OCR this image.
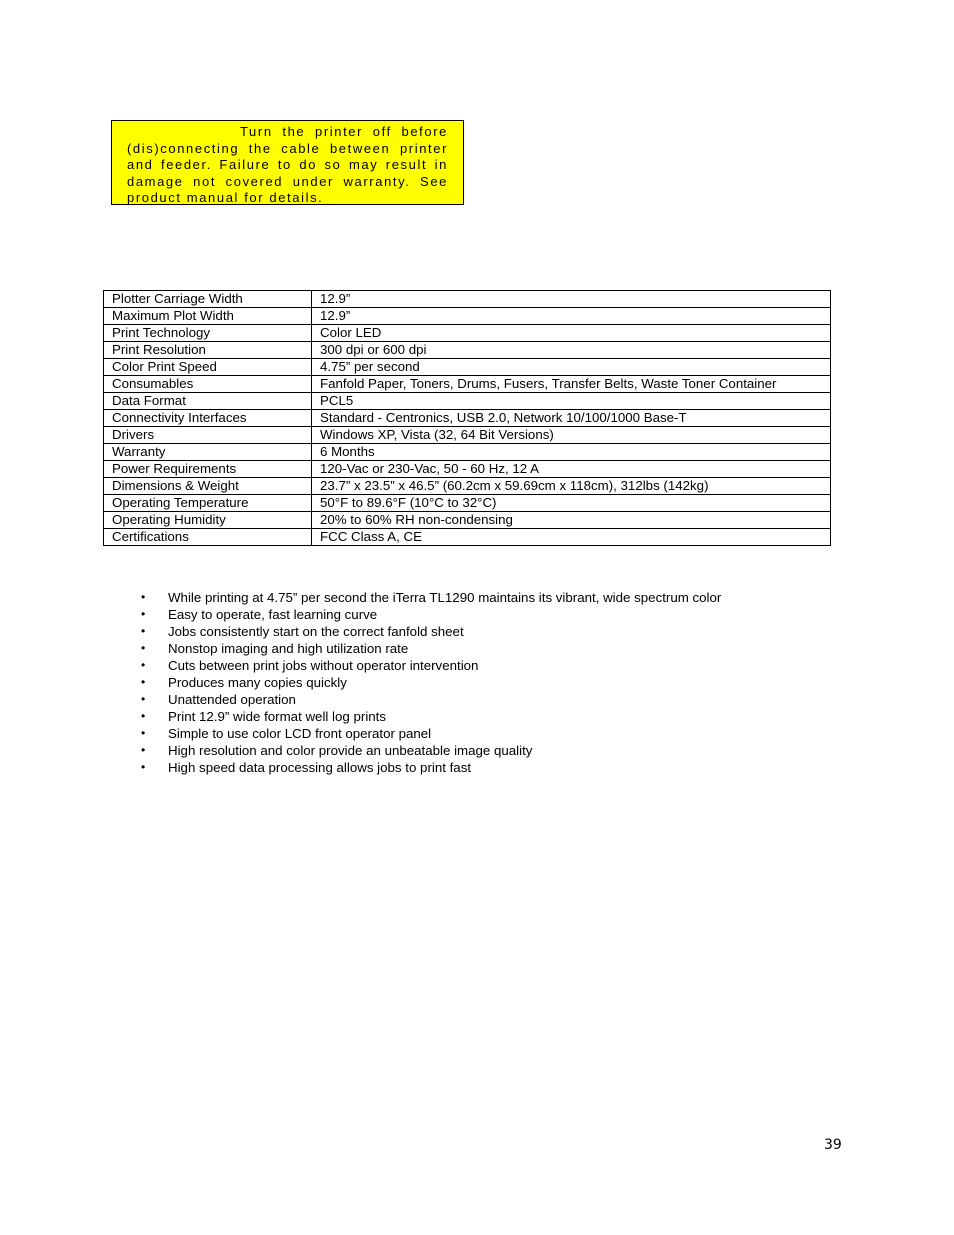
Turn the printer off before (dis)connecting the cable between printer and feeder. Failure to do so may result in damage not covered under warranty. See product manual for details.

Plotter Carriage Width	12.9”
Maximum Plot Width	12.9”
Print Technology	Color LED
Print Resolution	300 dpi or 600 dpi
Color Print Speed	4.75” per second
Consumables	Fanfold Paper, Toners, Drums, Fusers, Transfer Belts, Waste Toner Container
Data Format	PCL5
Connectivity Interfaces	Standard - Centronics, USB 2.0, Network 10/100/1000 Base-T
Drivers	Windows XP, Vista (32, 64 Bit Versions)
Warranty	6 Months
Power Requirements	120-Vac or 230-Vac, 50 - 60 Hz, 12 A
Dimensions & Weight	23.7” x 23.5” x 46.5” (60.2cm x 59.69cm x 118cm), 312lbs (142kg)
Operating Temperature	50°F to 89.6°F (10°C to 32°C)
Operating Humidity	20% to 60% RH non-condensing
Certifications	FCC Class A, CE
• While printing at 4.75” per second the iTerra TL1290 maintains its vibrant, wide spectrum color
• Easy to operate, fast learning curve
• Jobs consistently start on the correct fanfold sheet
• Nonstop imaging and high utilization rate
• Cuts between print jobs without operator intervention
• Produces many copies quickly
• Unattended operation
• Print 12.9” wide format well log prints
• Simple to use color LCD front operator panel
• High resolution and color provide an unbeatable image quality
• High speed data processing allows jobs to print fast
39
